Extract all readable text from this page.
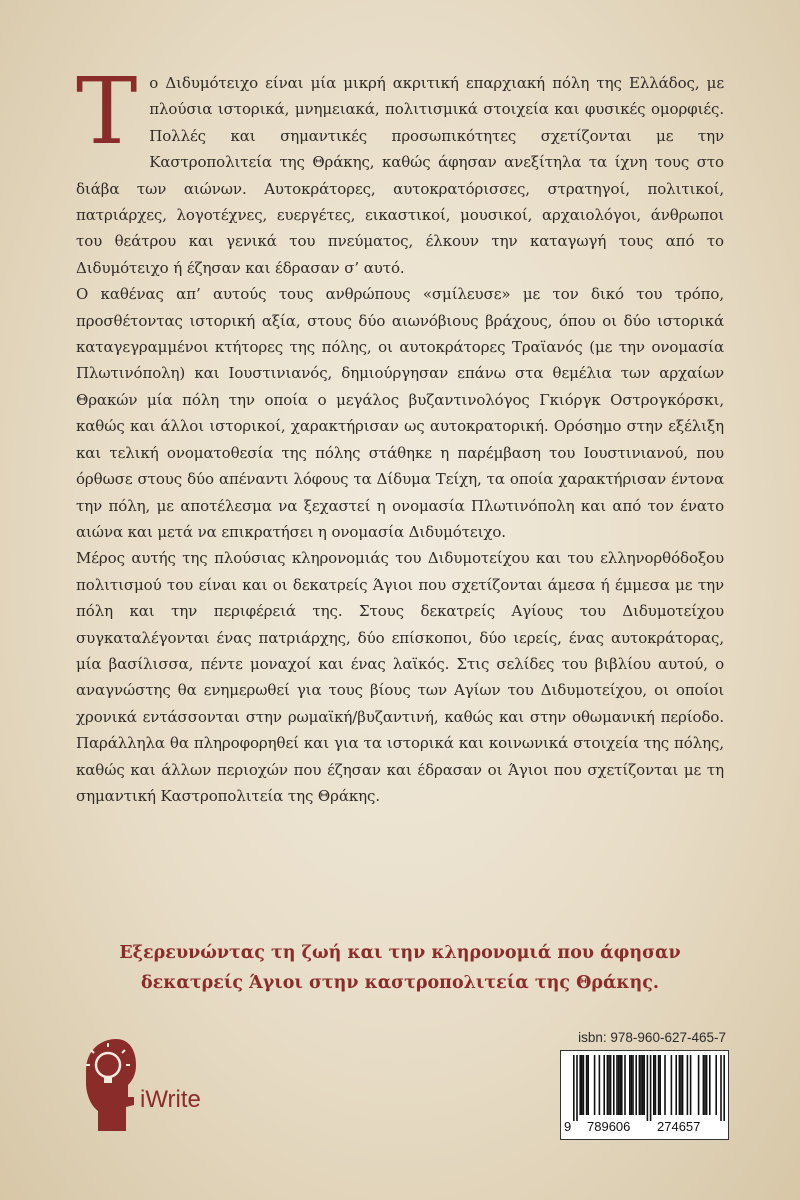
Το Διδυμότειχο είναι μία μικρή ακριτική επαρχιακή πόλη της Ελλάδος, με πλούσια ιστορικά, μνημειακά, πολιτισμικά στοιχεία και φυσικές ομορφιές. Πολλές και σημαντικές προσωπικότητες σχετίζονται με την Καστροπολιτεία της Θράκης, καθώς άφησαν ανεξίτηλα τα ίχνη τους στο διάβα των αιώνων. Αυτοκράτορες, αυτοκρατόρισσες, στρατηγοί, πολιτικοί, πατριάρχες, λογοτέχνες, ευεργέτες, εικαστικοί, μουσικοί, αρχαιολόγοι, άνθρωποι του θεάτρου και γενικά του πνεύματος, έλκουν την καταγωγή τους από το Διδυμότειχο ή έζησαν και έδρασαν σ’ αυτό.

Ο καθένας απ’ αυτούς τους ανθρώπους «σμίλευσε» με τον δικό του τρόπο, προσθέτοντας ιστορική αξία, στους δύο αιωνόβιους βράχους, όπου οι δύο ιστορικά καταγεγραμμένοι κτήτορες της πόλης, οι αυτοκράτορες Τραϊανός (με την ονομασία Πλωτινόπολη) και Ιουστινιανός, δημιούργησαν επάνω στα θεμέλια των αρχαίων Θρακών μία πόλη την οποία ο μεγάλος βυζαντινολόγος Γκιόργκ Οστρογκόρσκι, καθώς και άλλοι ιστορικοί, χαρακτήρισαν ως αυτοκρατορική. Ορόσημο στην εξέλιξη και τελική ονοματοθεσία της πόλης στάθηκε η παρέμβαση του Ιουστινιανού, που όρθωσε στους δύο απέναντι λόφους τα Δίδυμα Τείχη, τα οποία χαρακτήρισαν έντονα την πόλη, με αποτέλεσμα να ξεχαστεί η ονομασία Πλωτινόπολη και από τον ένατο αιώνα και μετά να επικρατήσει η ονομασία Διδυμότειχο.

Μέρος αυτής της πλούσιας κληρονομιάς του Διδυμοτείχου και του ελληνορθόδοξου πολιτισμού του είναι και οι δεκατρείς Άγιοι που σχετίζονται άμεσα ή έμμεσα με την πόλη και την περιφέρειά της. Στους δεκατρείς Αγίους του Διδυμοτείχου συγκαταλέγονται ένας πατριάρχης, δύο επίσκοποι, δύο ιερείς, ένας αυτοκράτορας, μία βασίλισσα, πέντε μοναχοί και ένας λαϊκός. Στις σελίδες του βιβλίου αυτού, ο αναγνώστης θα ενημερωθεί για τους βίους των Αγίων του Διδυμοτείχου, οι οποίοι χρονικά εντάσσονται στην ρωμαϊκή/βυζαντινή, καθώς και στην οθωμανική περίοδο. Παράλληλα θα πληροφορηθεί και για τα ιστορικά και κοινωνικά στοιχεία της πόλης, καθώς και άλλων περιοχών που έζησαν και έδρασαν οι Άγιοι που σχετίζονται με τη σημαντική Καστροπολιτεία της Θράκης.

Εξερευνώντας τη ζωή και την κληρονομιά που άφησαν
δεκατρείς Άγιοι στην καστροπολιτεία της Θράκης.
iWrite
isbn: 978-960-627-465-7
9 789606 274657
